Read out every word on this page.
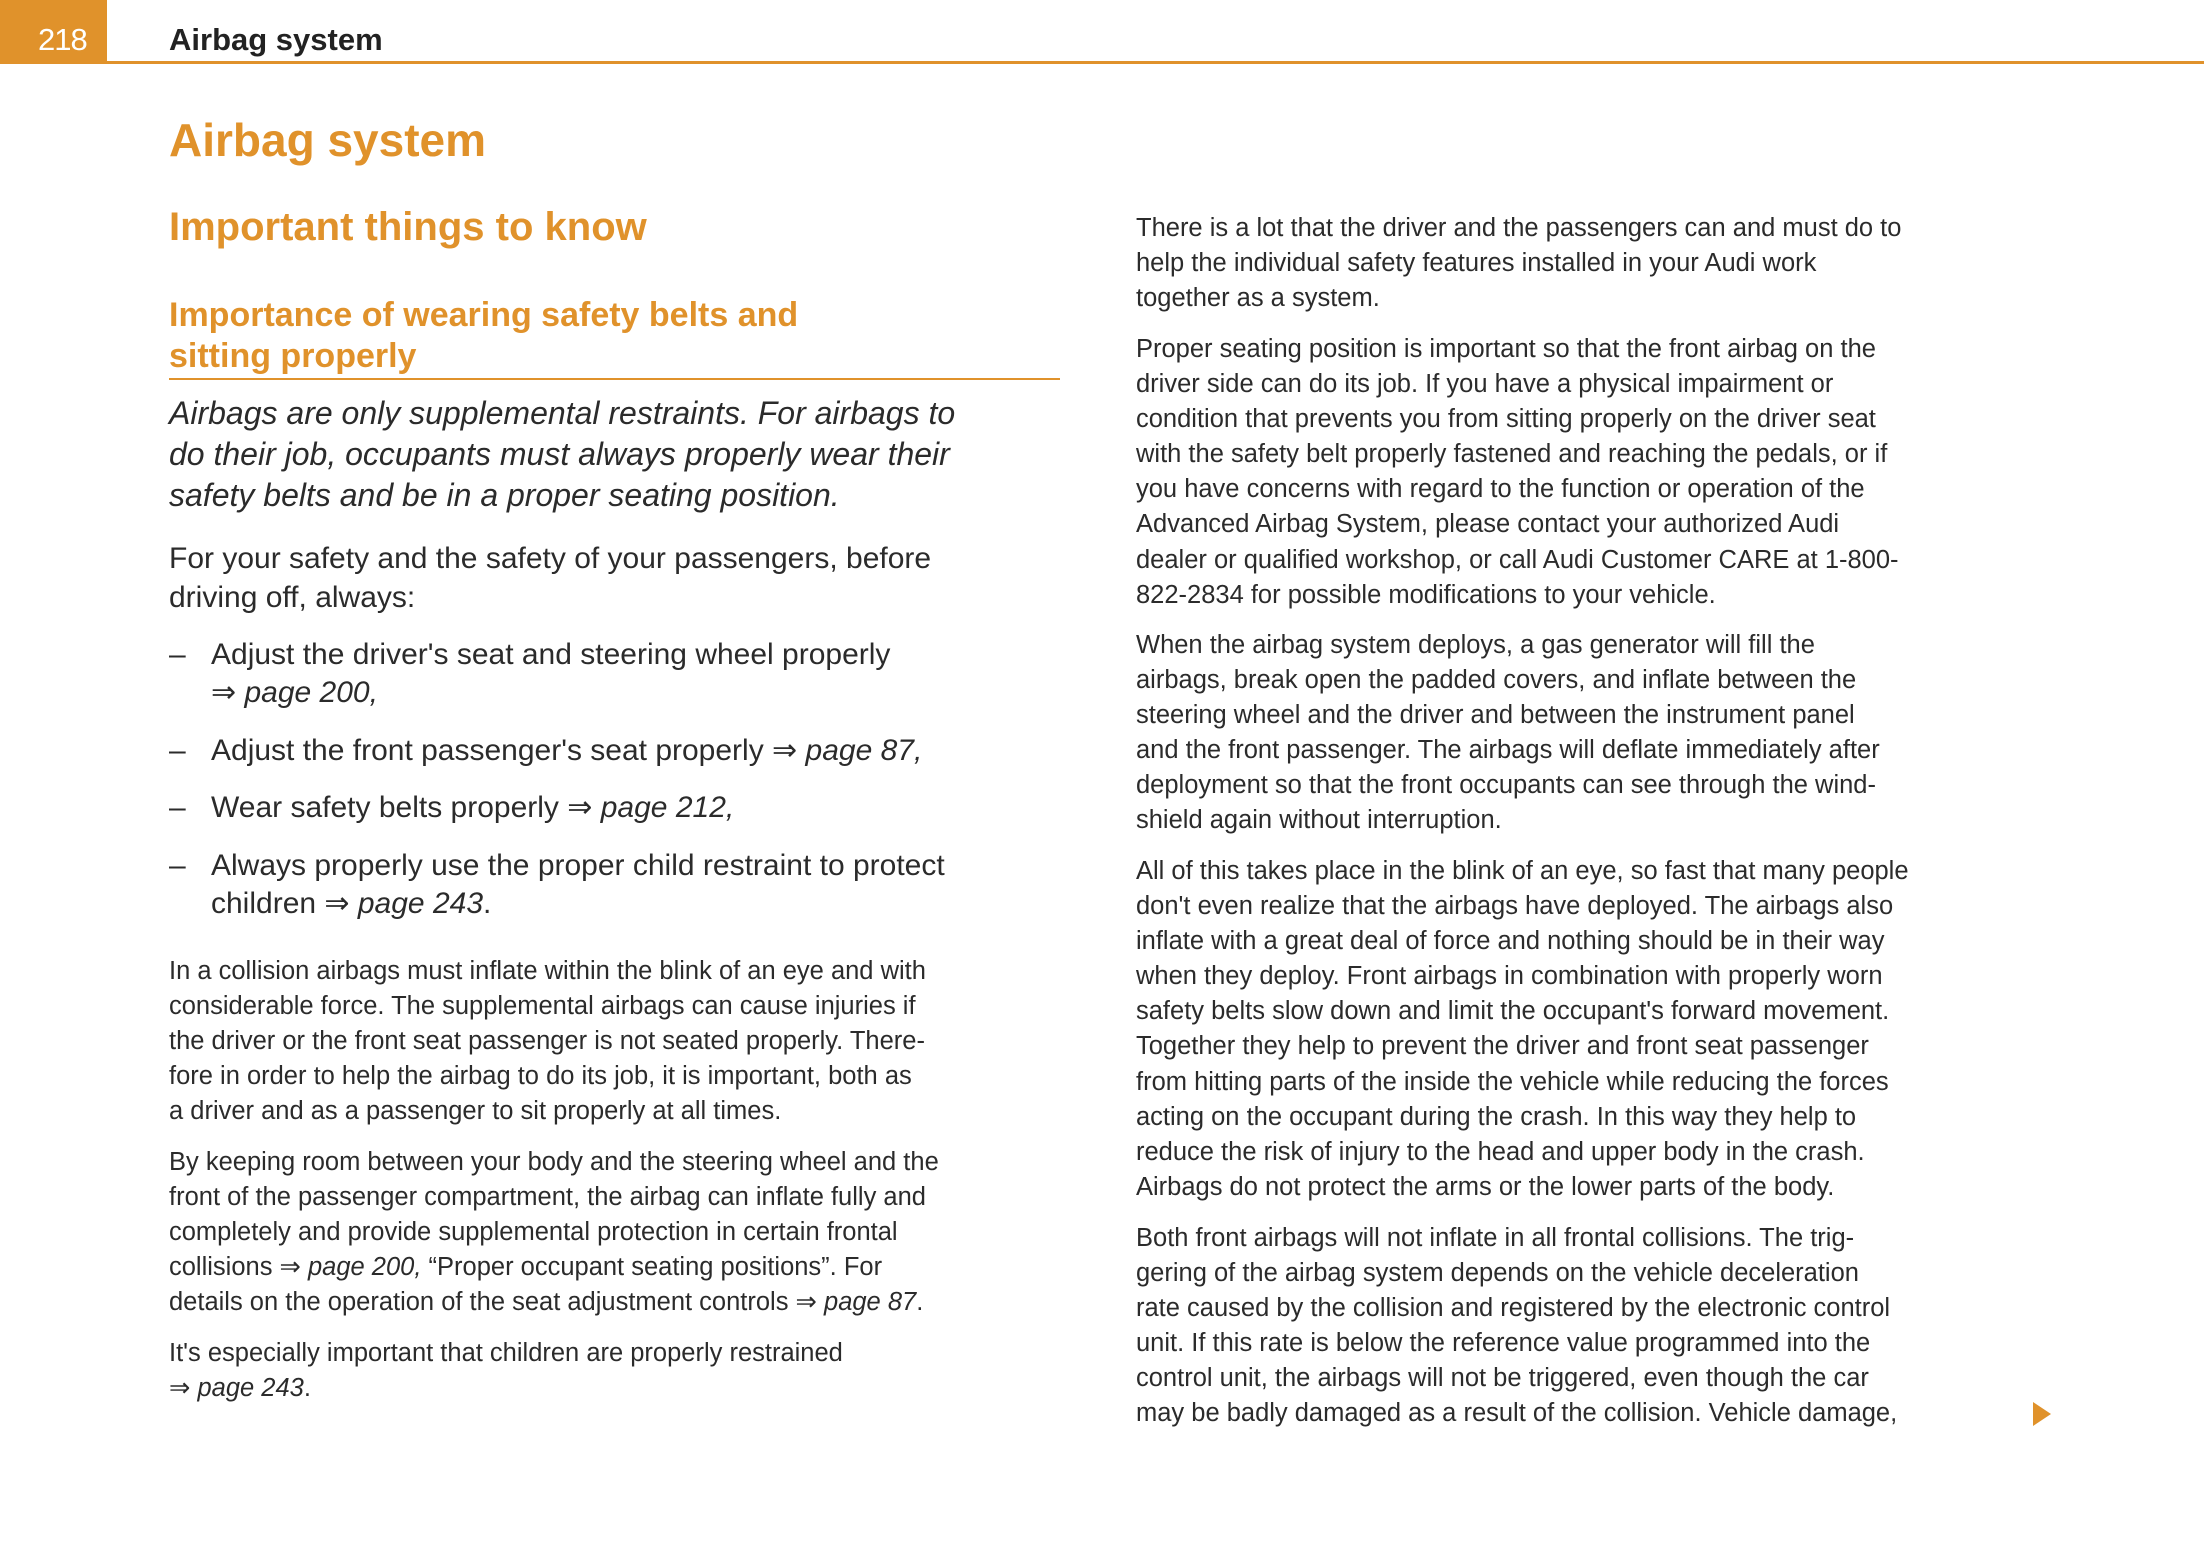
218	Airbag system
Airbag system
Important things to know
Importance of wearing safety belts and
sitting properly
Airbags are only supplemental restraints. For airbags to
do their job, occupants must always properly wear their
safety belts and be in a proper seating position.
For your safety and the safety of your passengers, before
driving off, always:
– Adjust the driver's seat and steering wheel properly
⇒ page 200,
– Adjust the front passenger's seat properly ⇒ page 87,
– Wear safety belts properly ⇒ page 212,
– Always properly use the proper child restraint to protect
children ⇒ page 243.
In a collision airbags must inflate within the blink of an eye and with
considerable force. The supplemental airbags can cause injuries if
the driver or the front seat passenger is not seated properly. There-
fore in order to help the airbag to do its job, it is important, both as
a driver and as a passenger to sit properly at all times.
By keeping room between your body and the steering wheel and the
front of the passenger compartment, the airbag can inflate fully and
completely and provide supplemental protection in certain frontal
collisions ⇒ page 200, “Proper occupant seating positions”. For
details on the operation of the seat adjustment controls ⇒ page 87.
It's especially important that children are properly restrained
⇒ page 243.
There is a lot that the driver and the passengers can and must do to
help the individual safety features installed in your Audi work
together as a system.
Proper seating position is important so that the front airbag on the
driver side can do its job. If you have a physical impairment or
condition that prevents you from sitting properly on the driver seat
with the safety belt properly fastened and reaching the pedals, or if
you have concerns with regard to the function or operation of the
Advanced Airbag System, please contact your authorized Audi
dealer or qualified workshop, or call Audi Customer CARE at 1-800-
822-2834 for possible modifications to your vehicle.
When the airbag system deploys, a gas generator will fill the
airbags, break open the padded covers, and inflate between the
steering wheel and the driver and between the instrument panel
and the front passenger. The airbags will deflate immediately after
deployment so that the front occupants can see through the wind-
shield again without interruption.
All of this takes place in the blink of an eye, so fast that many people
don't even realize that the airbags have deployed. The airbags also
inflate with a great deal of force and nothing should be in their way
when they deploy. Front airbags in combination with properly worn
safety belts slow down and limit the occupant's forward movement.
Together they help to prevent the driver and front seat passenger
from hitting parts of the inside the vehicle while reducing the forces
acting on the occupant during the crash. In this way they help to
reduce the risk of injury to the head and upper body in the crash.
Airbags do not protect the arms or the lower parts of the body.
Both front airbags will not inflate in all frontal collisions. The trig-
gering of the airbag system depends on the vehicle deceleration
rate caused by the collision and registered by the electronic control
unit. If this rate is below the reference value programmed into the
control unit, the airbags will not be triggered, even though the car
may be badly damaged as a result of the collision. Vehicle damage,
